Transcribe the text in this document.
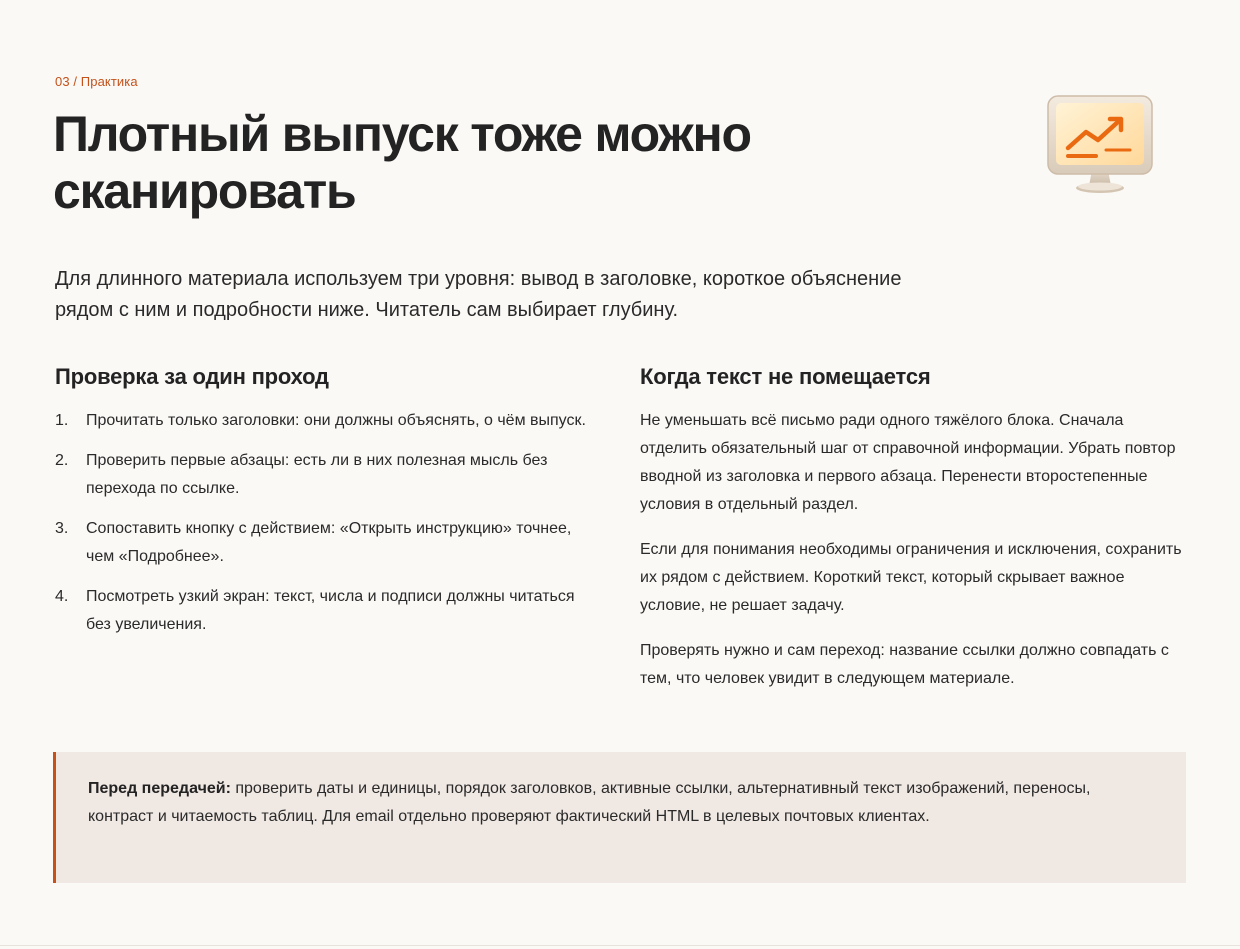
03 / Практика
Плотный выпуск тоже можно сканировать

Для длинного материала используем три уровня: вывод в заголовке, короткое объяснение рядом с ним и подробности ниже. Читатель сам выбирает глубину.

Проверка за один проход
1.	Прочитать только заголовки: они должны объяснять, о чём выпуск.
2.	Проверить первые абзацы: есть ли в них полезная мысль без перехода по ссылке.
3.	Сопоставить кнопку с действием: «Открыть инструкцию» точнее, чем «Подробнее».
4.	Посмотреть узкий экран: текст, числа и подписи должны читаться без увеличения.
Когда текст не помещается

Не уменьшать всё письмо ради одного тяжёлого блока. Сначала отделить обязательный шаг от справочной информации. Убрать повтор вводной из заголовка и первого абзаца. Перенести второстепенные условия в отдельный раздел.

Если для понимания необходимы ограничения и исключения, сохранить их рядом с действием. Короткий текст, который скрывает важное условие, не решает задачу.

Проверять нужно и сам переход: название ссылки должно совпадать с тем, что человек увидит в следующем материале.

Перед передачей: проверить даты и единицы, порядок заголовков, активные ссылки, альтернативный текст изображений, переносы, контраст и читаемость таблиц. Для email отдельно проверяют фактический HTML в целевых почтовых клиентах.
